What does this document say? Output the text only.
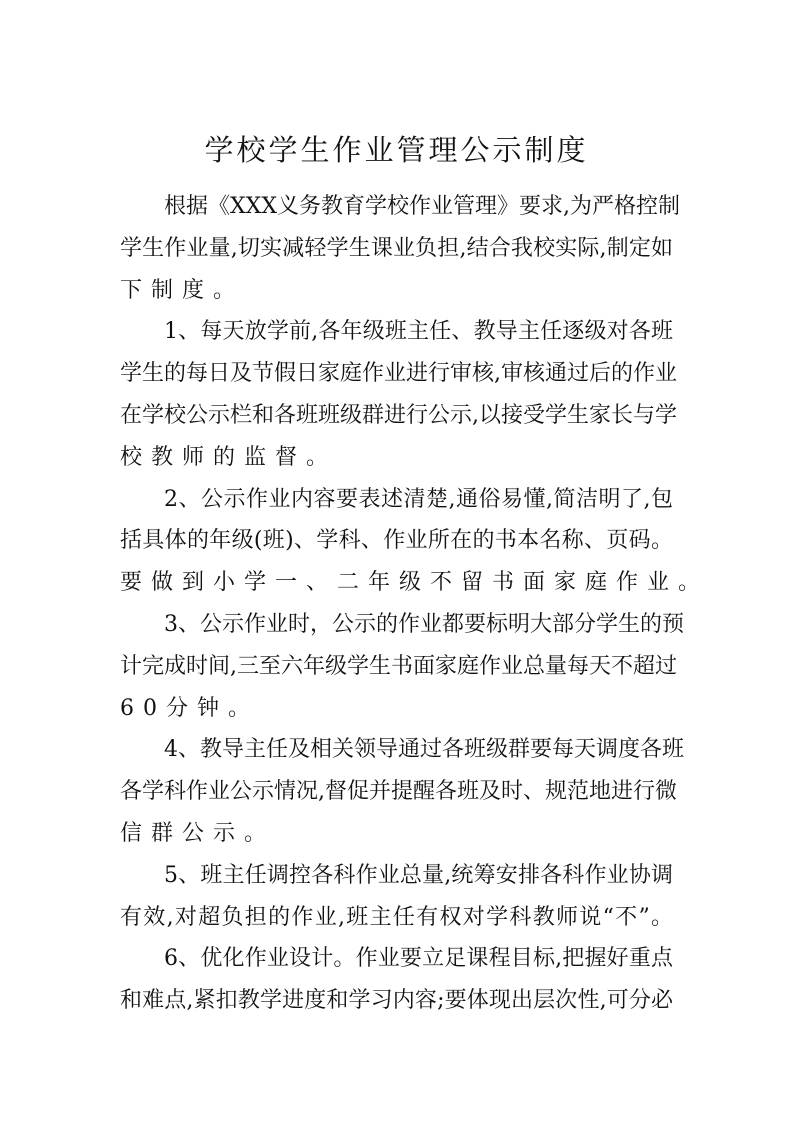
学校学生作业管理公示制度
根据《XXX义务教育学校作业管理》要求,为严格控制
学生作业量,切实减轻学生课业负担,结合我校实际,制定如
下制度。
1、每天放学前,各年级班主任、教导主任逐级对各班
学生的每日及节假日家庭作业进行审核,审核通过后的作业
在学校公示栏和各班班级群进行公示,以接受学生家长与学
校教师的监督。
2、公示作业内容要表述清楚,通俗易懂,简洁明了,包
括具体的年级(班)、学科、作业所在的书本名称、页码。
要做到小学一、二年级不留书面家庭作业。
3、公示作业时，公示的作业都要标明大部分学生的预
计完成时间,三至六年级学生书面家庭作业总量每天不超过
60分钟。
4、教导主任及相关领导通过各班级群要每天调度各班
各学科作业公示情况,督促并提醒各班及时、规范地进行微
信群公示。
5、班主任调控各科作业总量,统筹安排各科作业协调
有效,对超负担的作业,班主任有权对学科教师说“不”。
6、优化作业设计。作业要立足课程目标,把握好重点
和难点,紧扣教学进度和学习内容;要体现出层次性,可分必
